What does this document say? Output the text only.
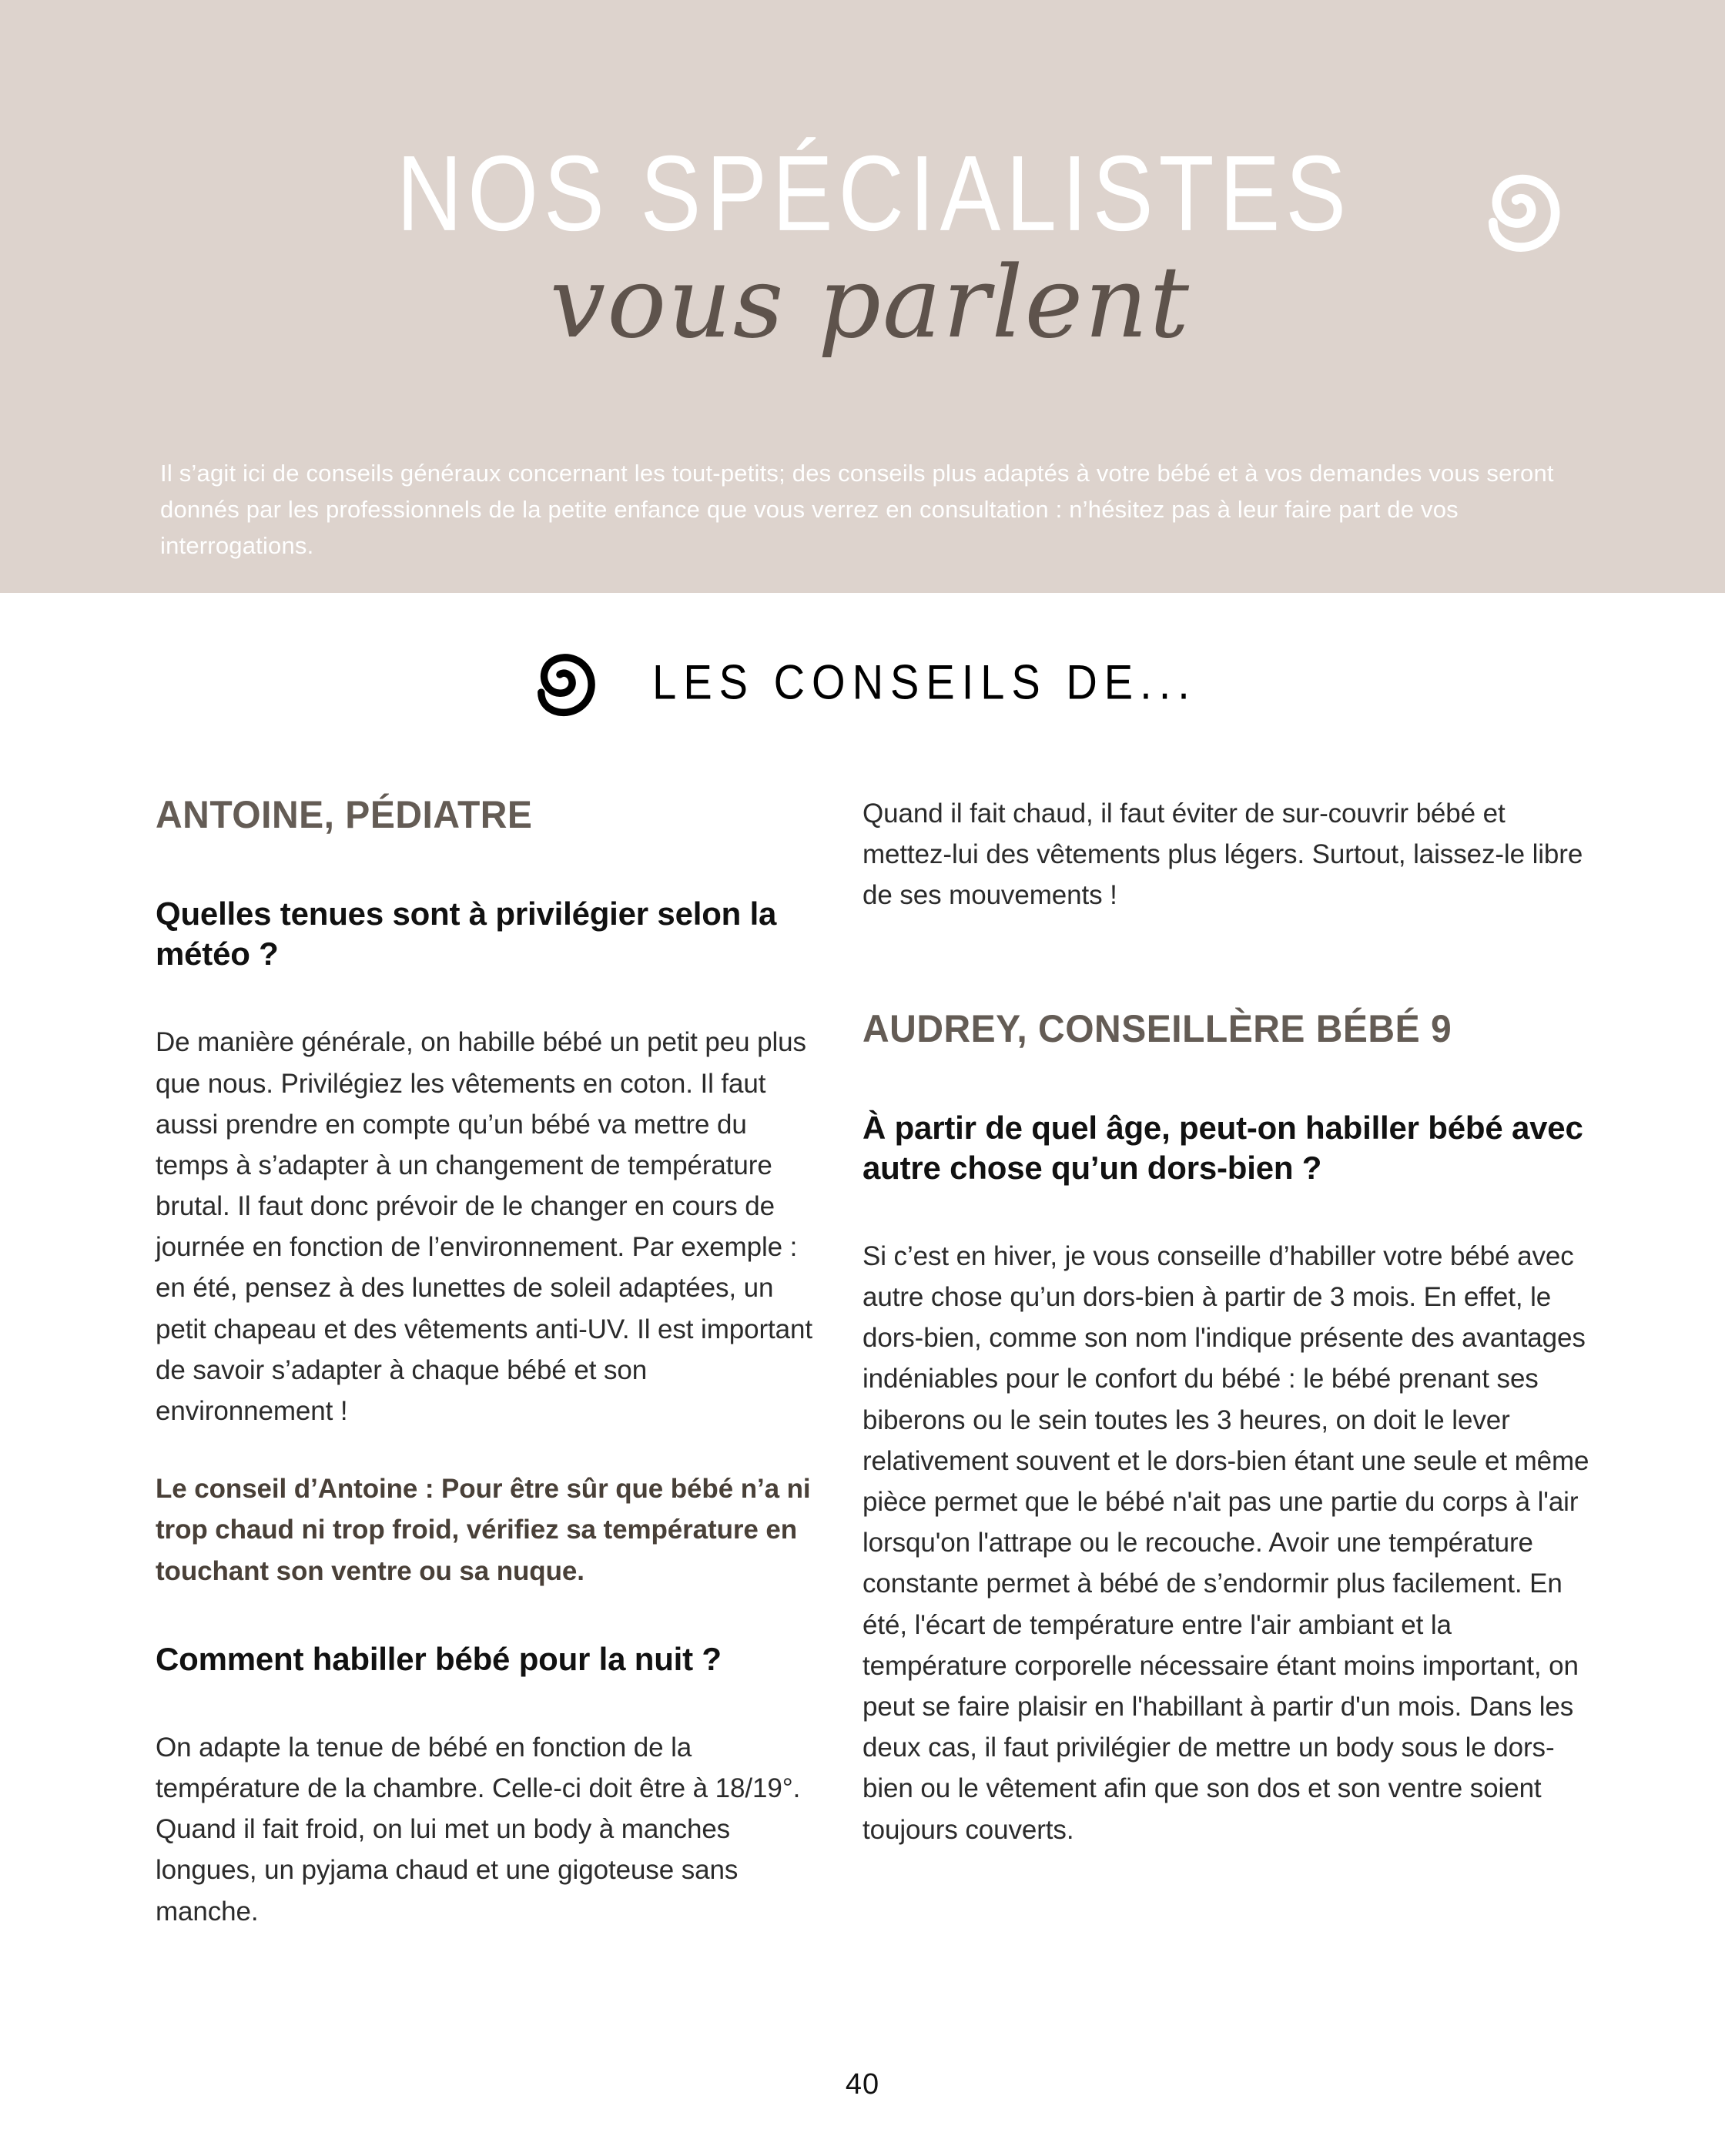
NOS SPÉCIALISTES
vous parlent

Il s’agit ici de conseils généraux concernant les tout-petits; des conseils plus adaptés à votre bébé et à vos demandes vous seront donnés par les professionnels de la petite enfance que vous verrez en consultation : n’hésitez pas à leur faire part de vos interrogations.

LES CONSEILS DE...
ANTOINE, PÉDIATRE
Quelles tenues sont à privilégier selon la météo ?

De manière générale, on habille bébé un petit peu plus que nous. Privilégiez les vêtements en coton. Il faut aussi prendre en compte qu’un bébé va mettre du temps à s’adapter à un changement de température brutal. Il faut donc prévoir de le changer en cours de journée en fonction de l’environnement. Par exemple : en été, pensez à des lunettes de soleil adaptées, un petit chapeau et des vêtements anti-UV. Il est important de savoir s’adapter à chaque bébé et son environnement !

Le conseil d’Antoine : Pour être sûr que bébé n’a ni trop chaud ni trop froid, vérifiez sa température en touchant son ventre ou sa nuque.

Comment habiller bébé pour la nuit ?

On adapte la tenue de bébé en fonction de la température de la chambre. Celle-ci doit être à 18/19°. Quand il fait froid, on lui met un body à manches longues, un pyjama chaud et une gigoteuse sans manche.

Quand il fait chaud, il faut éviter de sur-couvrir bébé et mettez-lui des vêtements plus légers. Surtout, laissez-le libre de ses mouvements !

AUDREY, CONSEILLÈRE BÉBÉ 9
À partir de quel âge, peut-on habiller bébé avec autre chose qu’un dors-bien ?

Si c’est en hiver, je vous conseille d’habiller votre bébé avec autre chose qu’un dors-bien à partir de 3 mois. En effet, le dors-bien, comme son nom l'indique présente des avantages indéniables pour le confort du bébé : le bébé prenant ses biberons ou le sein toutes les 3 heures, on doit le lever relativement souvent et le dors-bien étant une seule et même pièce permet que le bébé n'ait pas une partie du corps à l'air lorsqu'on l'attrape ou le recouche. Avoir une température constante permet à bébé de s’endormir plus facilement. En été, l'écart de température entre l'air ambiant et la température corporelle nécessaire étant moins important, on peut se faire plaisir en l'habillant à partir d'un mois. Dans les deux cas, il faut privilégier de mettre un body sous le dors-bien ou le vêtement afin que son dos et son ventre soient toujours couverts.

40
